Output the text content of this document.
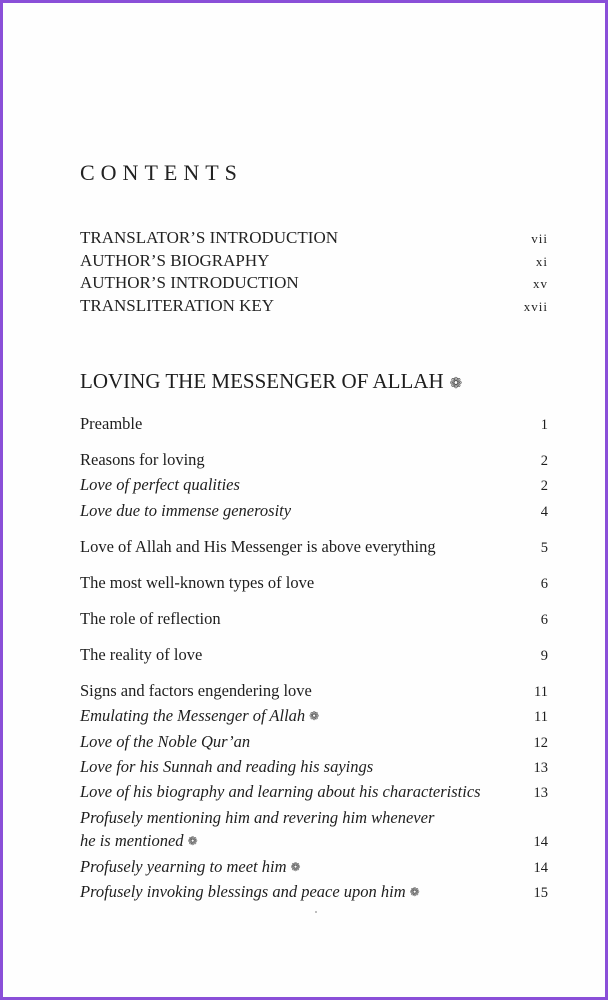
CONTENTS
TRANSLATOR’S INTRODUCTION	vii
AUTHOR’S BIOGRAPHY	xi
AUTHOR’S INTRODUCTION	xv
TRANSLITERATION KEY	xvii
LOVING THE MESSENGER OF ALLAH ❁
Preamble	1
Reasons for loving	2
Love of perfect qualities	2
Love due to immense generosity	4
Love of Allah and His Messenger is above everything	5
The most well-known types of love	6
The role of reflection	6
The reality of love	9
Signs and factors engendering love	11
Emulating the Messenger of Allah ❁	11
Love of the Noble Qur’an	12
Love for his Sunnah and reading his sayings	13
Love of his biography and learning about his characteristics	13
Profusely mentioning him and revering him whenever
he is mentioned ❁	14
Profusely yearning to meet him ❁	14
Profusely invoking blessings and peace upon him ❁	15
